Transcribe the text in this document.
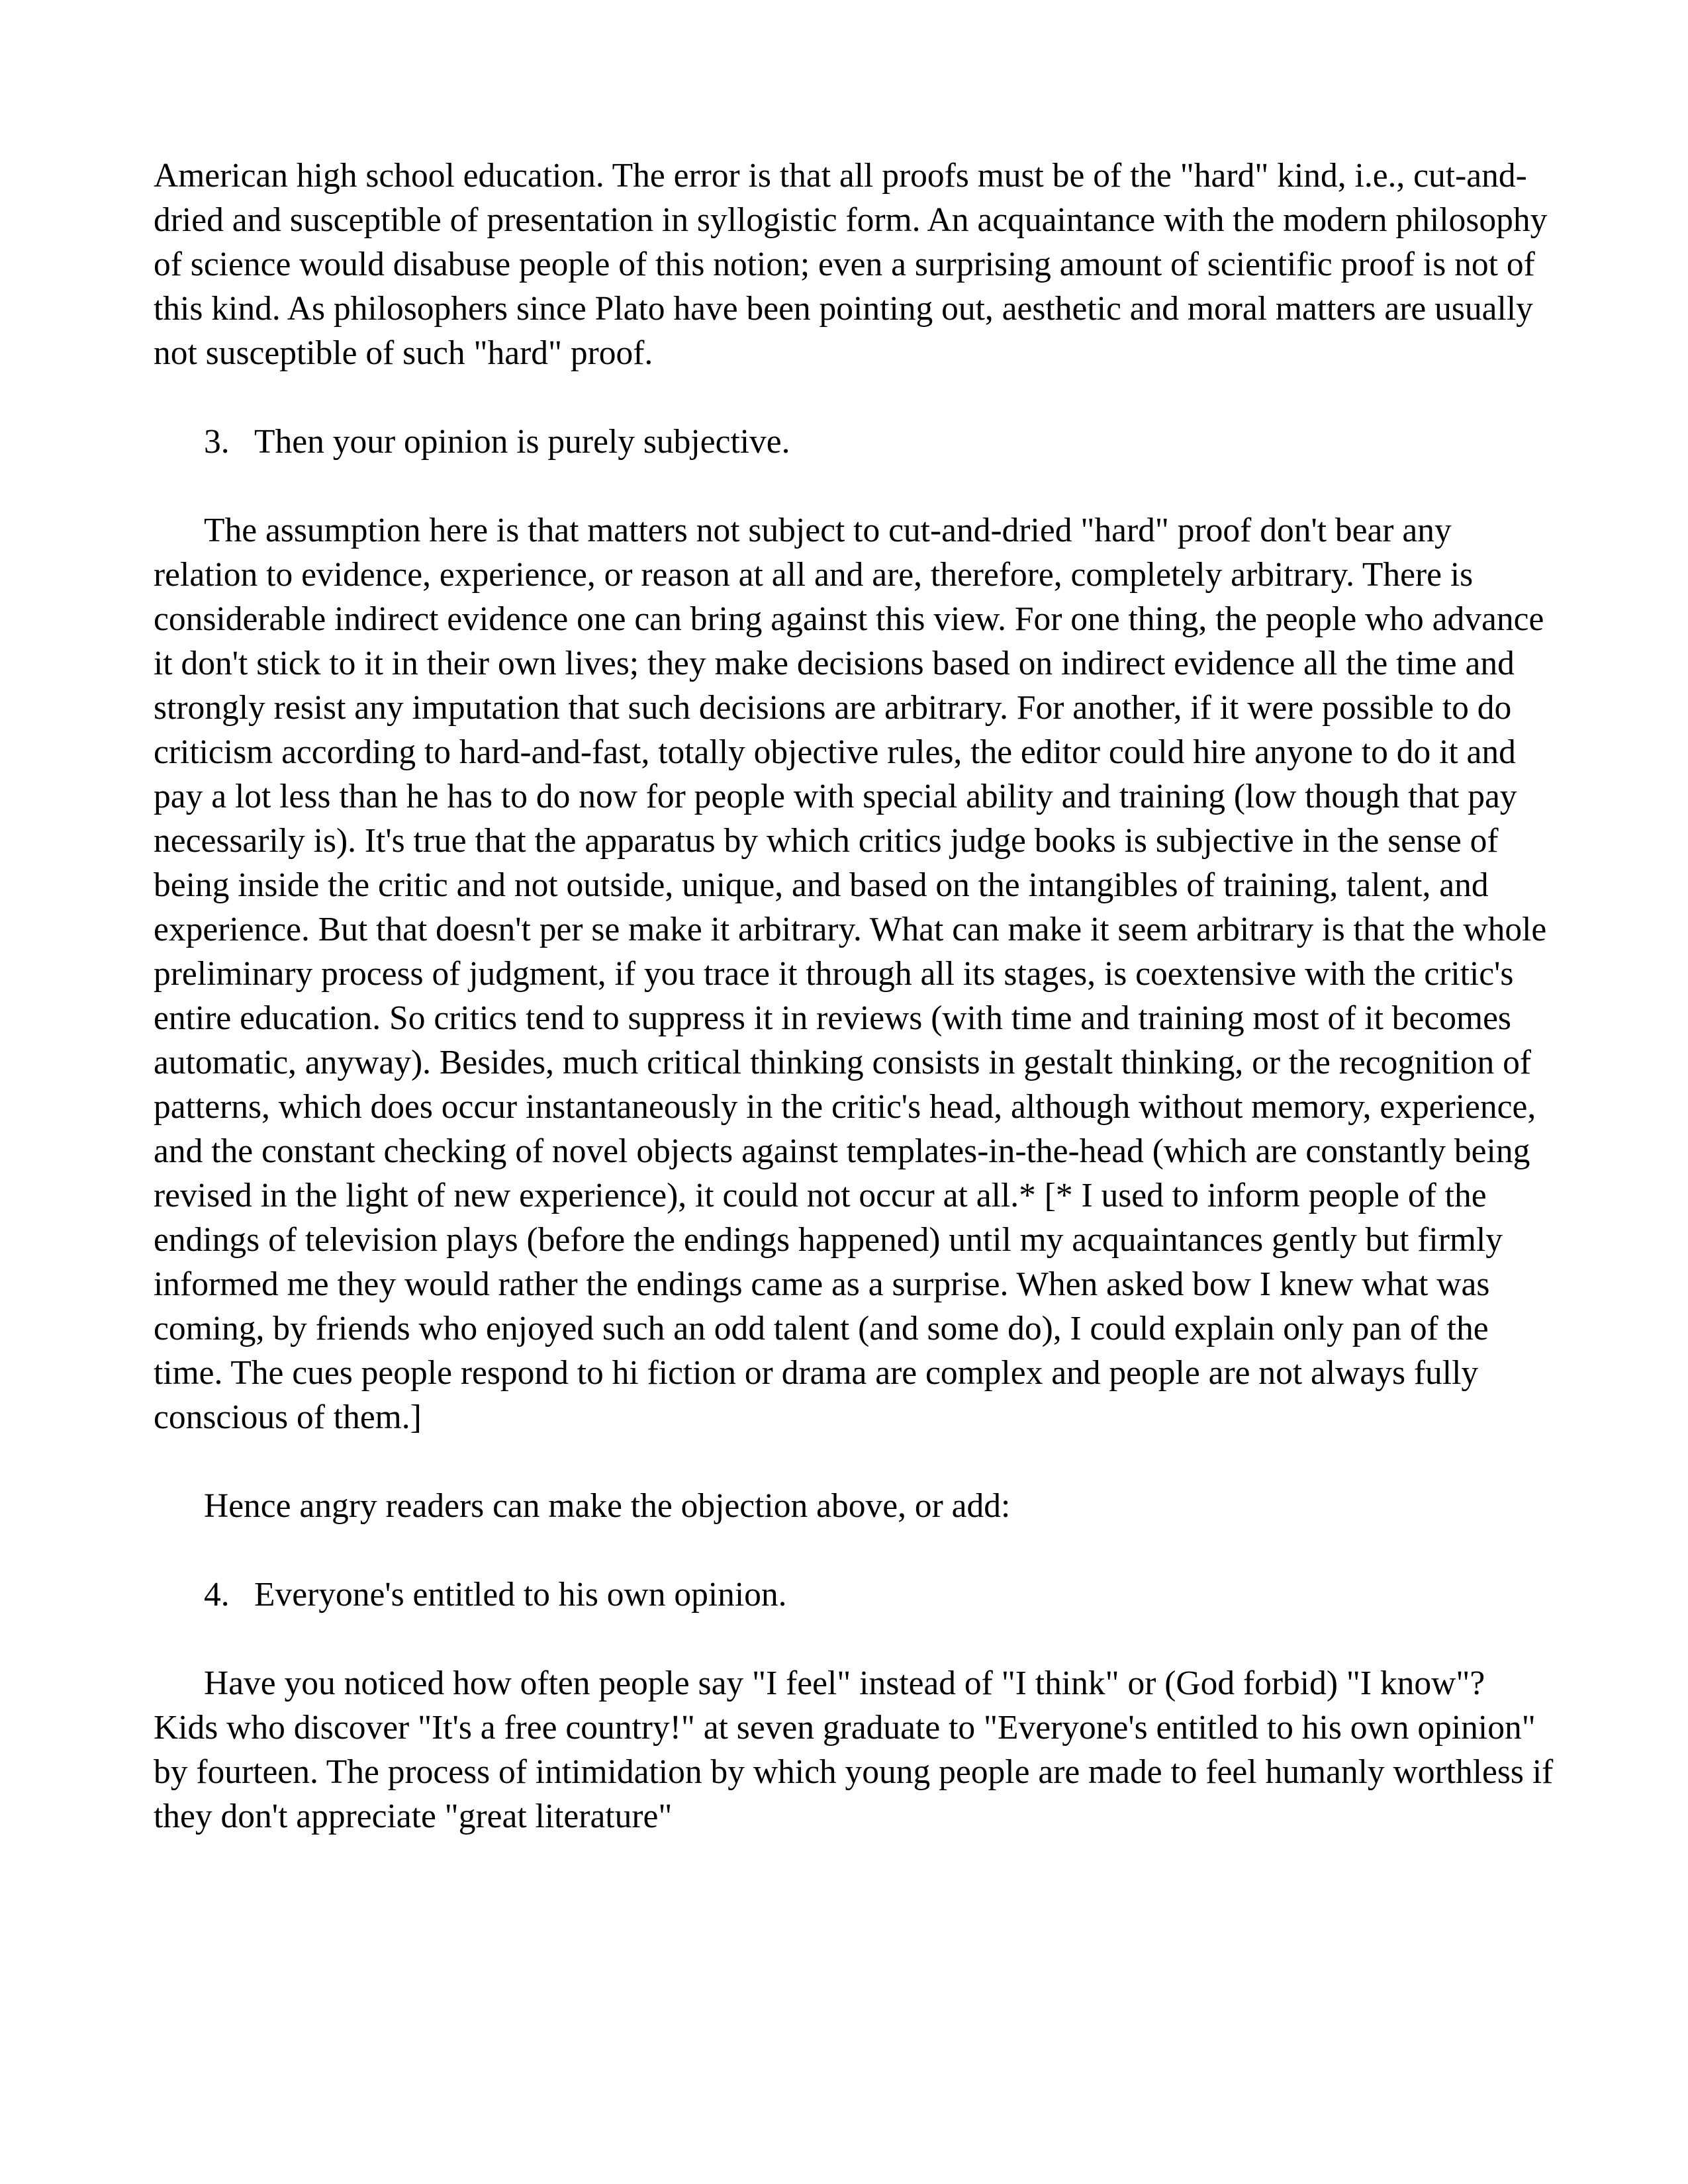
American high school education. The error is that all proofs must be of the "hard" kind, i.e., cut-and-dried and susceptible of presentation in syllogistic form. An acquaintance with the modern philosophy of science would disabuse people of this notion; even a surprising amount of scientific proof is not of this kind. As philosophers since Plato have been pointing out, aesthetic and moral matters are usually not susceptible of such "hard" proof.

3. Then your opinion is purely subjective.

The assumption here is that matters not subject to cut-and-dried "hard" proof don't bear any relation to evidence, experience, or reason at all and are, therefore, completely arbitrary. There is considerable indirect evidence one can bring against this view. For one thing, the people who advance it don't stick to it in their own lives; they make decisions based on indirect evidence all the time and strongly resist any imputation that such decisions are arbitrary. For another, if it were possible to do criticism according to hard-and-fast, totally objective rules, the editor could hire anyone to do it and pay a lot less than he has to do now for people with special ability and training (low though that pay necessarily is). It's true that the apparatus by which critics judge books is subjective in the sense of being inside the critic and not outside, unique, and based on the intangibles of training, talent, and experience. But that doesn't per se make it arbitrary. What can make it seem arbitrary is that the whole preliminary process of judgment, if you trace it through all its stages, is coextensive with the critic's entire education. So critics tend to suppress it in reviews (with time and training most of it becomes automatic, anyway). Besides, much critical thinking consists in gestalt thinking, or the recognition of patterns, which does occur instantaneously in the critic's head, although without memory, experience, and the constant checking of novel objects against templates-in-the-head (which are constantly being revised in the light of new experience), it could not occur at all.* [* I used to inform people of the endings of television plays (before the endings happened) until my acquaintances gently but firmly informed me they would rather the endings came as a surprise. When asked bow I knew what was coming, by friends who enjoyed such an odd talent (and some do), I could explain only pan of the time. The cues people respond to hi fiction or drama are complex and people are not always fully conscious of them.]

Hence angry readers can make the objection above, or add:

4. Everyone's entitled to his own opinion.

Have you noticed how often people say "I feel" instead of "I think" or (God forbid) "I know"? Kids who discover "It's a free country!" at seven graduate to "Everyone's entitled to his own opinion" by fourteen. The process of intimidation by which young people are made to feel humanly worthless if they don't appreciate "great literature"
